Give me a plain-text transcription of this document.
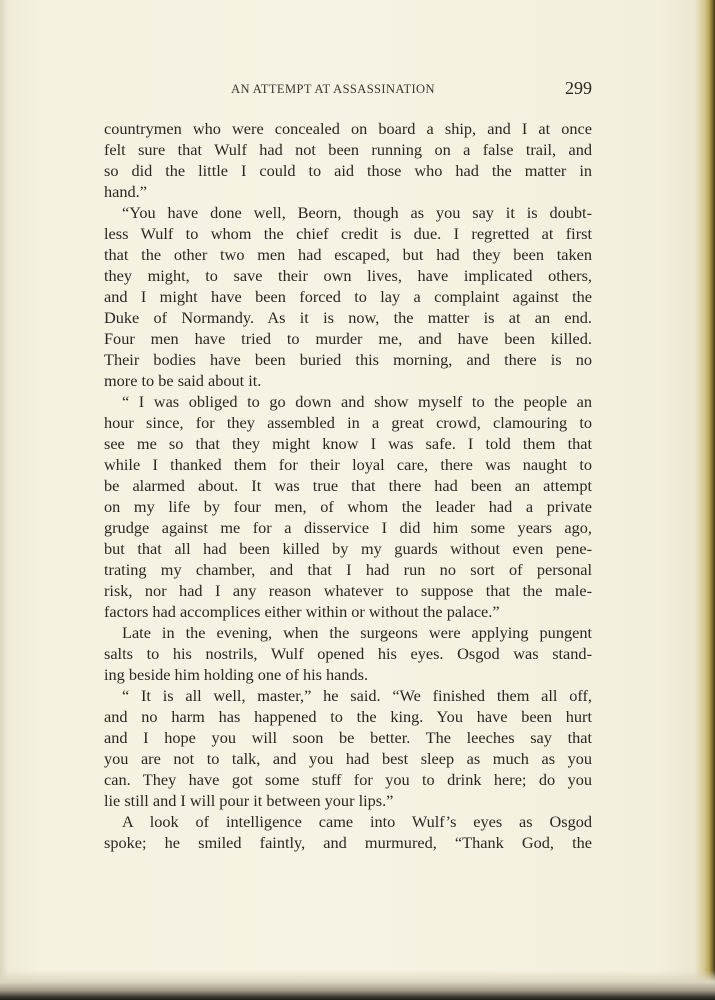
AN ATTEMPT AT ASSASSINATION	299
countrymen who were concealed on board a ship, and I at once
felt sure that Wulf had not been running on a false trail, and
so did the little I could to aid those who had the matter in
hand.”
“You have done well, Beorn, though as you say it is doubt-
less Wulf to whom the chief credit is due. I regretted at first
that the other two men had escaped, but had they been taken
they might, to save their own lives, have implicated others,
and I might have been forced to lay a complaint against the
Duke of Normandy. As it is now, the matter is at an end.
Four men have tried to murder me, and have been killed.
Their bodies have been buried this morning, and there is no
more to be said about it.
“ I was obliged to go down and show myself to the people an
hour since, for they assembled in a great crowd, clamouring to
see me so that they might know I was safe. I told them that
while I thanked them for their loyal care, there was naught to
be alarmed about. It was true that there had been an attempt
on my life by four men, of whom the leader had a private
grudge against me for a disservice I did him some years ago,
but that all had been killed by my guards without even pene-
trating my chamber, and that I had run no sort of personal
risk, nor had I any reason whatever to suppose that the male-
factors had accomplices either within or without the palace.”
Late in the evening, when the surgeons were applying pungent
salts to his nostrils, Wulf opened his eyes. Osgod was stand-
ing beside him holding one of his hands.
“ It is all well, master,” he said. “We finished them all off,
and no harm has happened to the king. You have been hurt
and I hope you will soon be better. The leeches say that
you are not to talk, and you had best sleep as much as you
can. They have got some stuff for you to drink here; do you
lie still and I will pour it between your lips.”
A look of intelligence came into Wulf’s eyes as Osgod
spoke; he smiled faintly, and murmured, “Thank God, the
